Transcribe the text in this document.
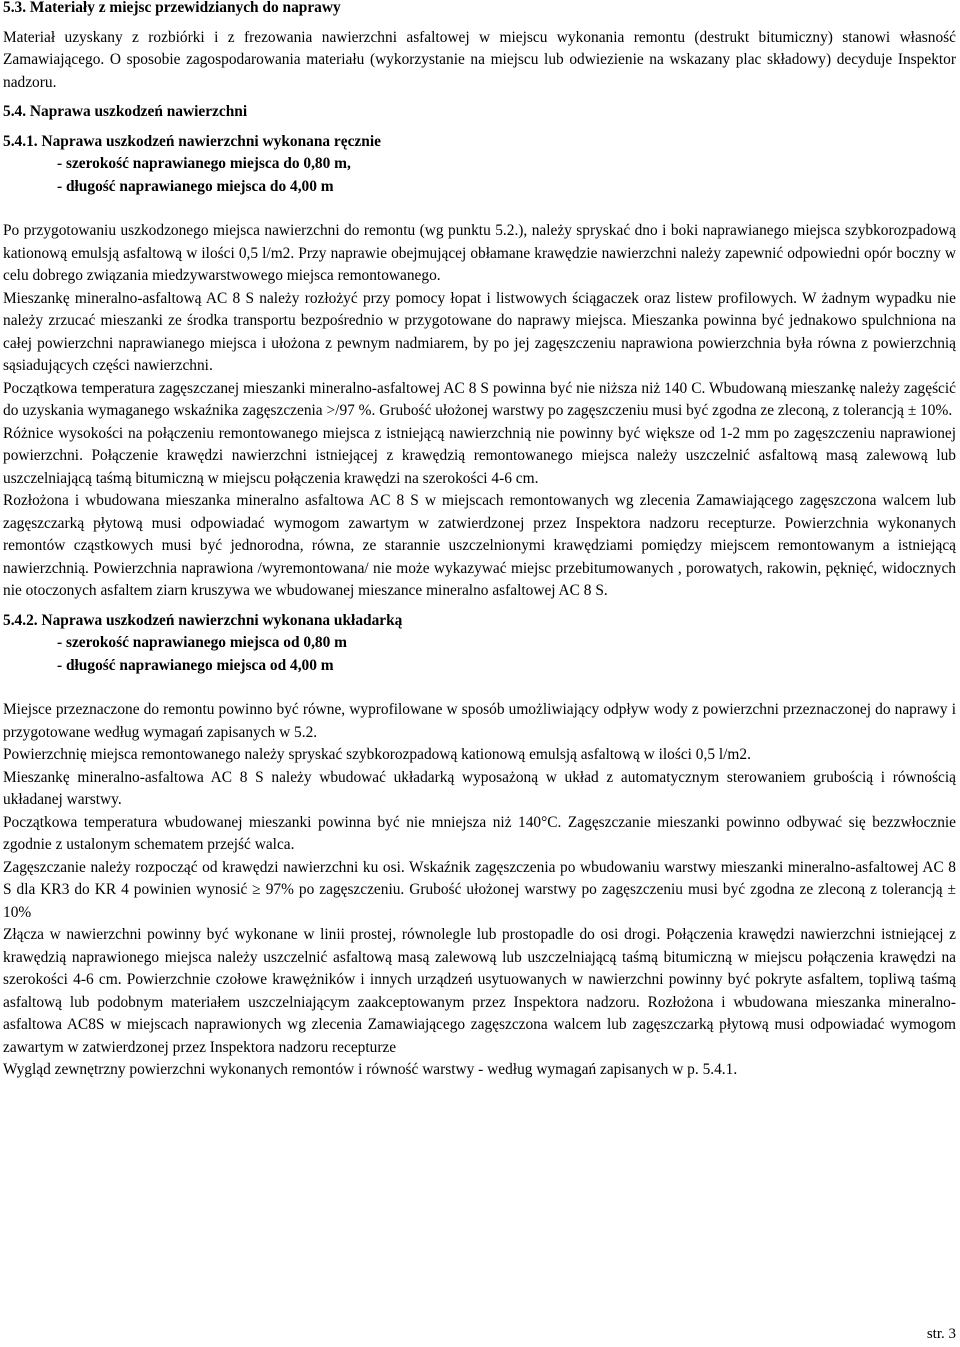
5.3. Materiały z miejsc przewidzianych do naprawy
Materiał uzyskany z rozbiórki i z frezowania nawierzchni asfaltowej w miejscu wykonania remontu (destrukt bitumiczny) stanowi własność Zamawiającego. O sposobie zagospodarowania materiału (wykorzystanie na miejscu lub odwiezienie na wskazany plac składowy) decyduje Inspektor nadzoru.
5.4. Naprawa uszkodzeń nawierzchni
5.4.1. Naprawa uszkodzeń nawierzchni wykonana ręcznie
- szerokość naprawianego miejsca do 0,80 m,
- długość naprawianego miejsca do 4,00 m
Po przygotowaniu uszkodzonego miejsca nawierzchni do remontu (wg punktu 5.2.), należy spryskać dno i boki naprawianego miejsca szybkorozpadową kationową emulsją asfaltową w ilości 0,5 l/m2. Przy naprawie obejmującej obłamane krawędzie nawierzchni należy zapewnić odpowiedni opór boczny w celu dobrego związania miedzywarstwowego miejsca remontowanego.
Mieszankę mineralno-asfaltową AC 8 S należy rozłożyć przy pomocy łopat i listwowych ściągaczek oraz listew profilowych. W żadnym wypadku nie należy zrzucać mieszanki ze środka transportu bezpośrednio w przygotowane do naprawy miejsca. Mieszanka powinna być jednakowo spulchniona na całej powierzchni naprawianego miejsca i ułożona z pewnym nadmiarem, by po jej zagęszczeniu naprawiona powierzchnia była równa z powierzchnią sąsiadujących części nawierzchni.
Początkowa temperatura zagęszczanej mieszanki mineralno-asfaltowej AC 8 S powinna być nie niższa niż 140 C. Wbudowaną mieszankę należy zagęścić do uzyskania wymaganego wskaźnika zagęszczenia >/97 %. Grubość ułożonej warstwy po zagęszczeniu musi być zgodna ze zleconą, z tolerancją ± 10%.
Różnice wysokości na połączeniu remontowanego miejsca z istniejącą nawierzchnią nie powinny być większe od 1-2 mm po zagęszczeniu naprawionej powierzchni. Połączenie krawędzi nawierzchni istniejącej z krawędzią remontowanego miejsca należy uszczelnić asfaltową masą zalewową lub uszczelniającą taśmą bitumiczną w miejscu połączenia krawędzi na szerokości 4-6 cm.
Rozłożona i wbudowana mieszanka mineralno asfaltowa AC 8 S w miejscach remontowanych wg zlecenia Zamawiającego zagęszczona walcem lub zagęszczarką płytową musi odpowiadać wymogom zawartym w zatwierdzonej przez Inspektora nadzoru recepturze. Powierzchnia wykonanych remontów cząstkowych musi być jednorodna, równa, ze starannie uszczelnionymi krawędziami pomiędzy miejscem remontowanym a istniejącą nawierzchnią. Powierzchnia naprawiona /wyremontowana/ nie może wykazywać miejsc przebitumowanych , porowatych, rakowin, pęknięć, widocznych nie otoczonych asfaltem ziarn kruszywa we wbudowanej mieszance mineralno asfaltowej AC 8 S.
5.4.2. Naprawa uszkodzeń nawierzchni wykonana układarką
- szerokość naprawianego miejsca od 0,80 m
- długość naprawianego miejsca od 4,00 m
Miejsce przeznaczone do remontu powinno być równe, wyprofilowane w sposób umożliwiający odpływ wody z powierzchni przeznaczonej do naprawy i przygotowane według wymagań zapisanych w 5.2.
Powierzchnię miejsca remontowanego należy spryskać szybkorozpadową kationową emulsją asfaltową w ilości 0,5 l/m2.
Mieszankę mineralno-asfaltowa AC 8 S należy wbudować układarką wyposażoną w układ z automatycznym sterowaniem grubością i równością układanej warstwy.
Początkowa temperatura wbudowanej mieszanki powinna być nie mniejsza niż 140°C. Zagęszczanie mieszanki powinno odbywać się bezzwłocznie zgodnie z ustalonym schematem przejść walca.
Zagęszczanie należy rozpocząć od krawędzi nawierzchni ku osi. Wskaźnik zagęszczenia po wbudowaniu warstwy mieszanki mineralno-asfaltowej AC 8 S dla KR3 do KR 4 powinien wynosić ≥ 97% po zagęszczeniu. Grubość ułożonej warstwy po zagęszczeniu musi być zgodna ze zleconą z tolerancją ± 10%
Złącza w nawierzchni powinny być wykonane w linii prostej, równolegle lub prostopadle do osi drogi. Połączenia krawędzi nawierzchni istniejącej z krawędzią naprawionego miejsca należy uszczelnić asfaltową masą zalewową lub uszczelniającą taśmą bitumiczną w miejscu połączenia krawędzi na szerokości 4-6 cm. Powierzchnie czołowe krawężników i innych urządzeń usytuowanych w nawierzchni powinny być pokryte asfaltem, topliwą taśmą asfaltową lub podobnym materiałem uszczelniającym zaakceptowanym przez Inspektora nadzoru. Rozłożona i wbudowana mieszanka mineralno-asfaltowa AC8S w miejscach naprawionych wg zlecenia Zamawiającego zagęszczona walcem lub zagęszczarką płytową musi odpowiadać wymogom zawartym w zatwierdzonej przez Inspektora nadzoru recepturze
Wygląd zewnętrzny powierzchni wykonanych remontów i równość warstwy - według wymagań zapisanych w p. 5.4.1.
str. 3
